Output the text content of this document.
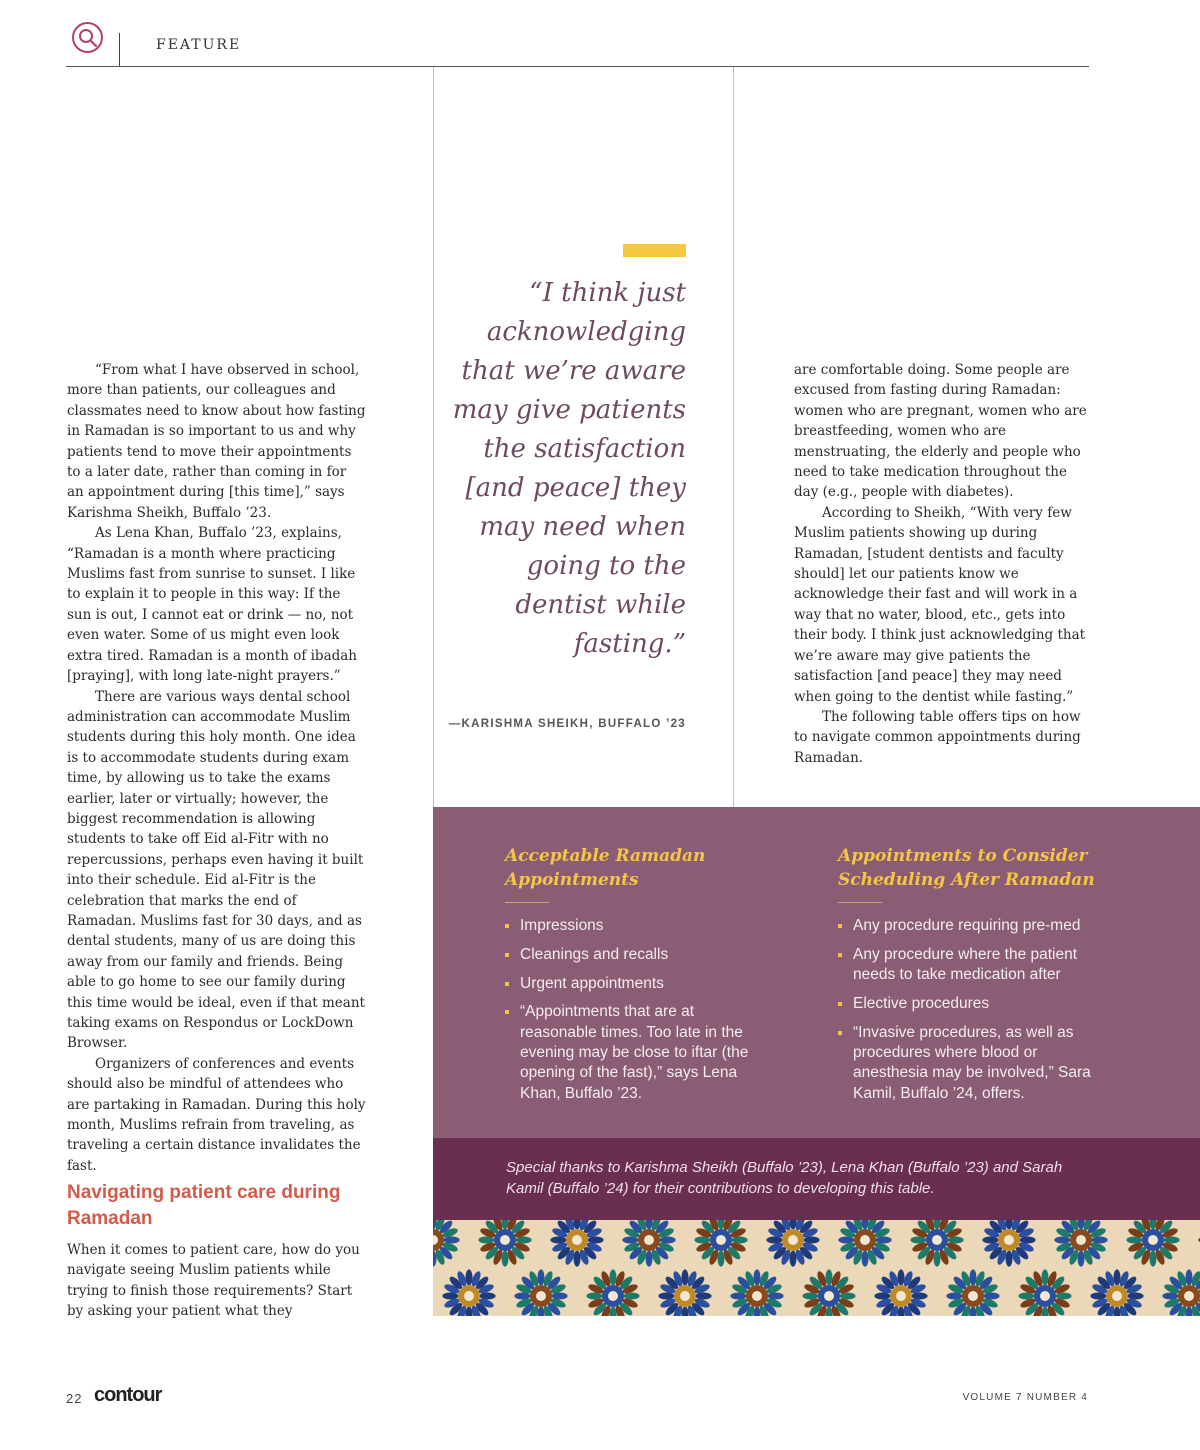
FEATURE

“From what I have observed in school, more than patients, our colleagues and classmates need to know about how fasting in Ramadan is so important to us and why patients tend to move their appointments to a later date, rather than coming in for an appointment during [this time],” says Karishma Sheikh, Buffalo ’23.

As Lena Khan, Buffalo ’23, explains, “Ramadan is a month where practicing Muslims fast from sunrise to sunset. I like to explain it to people in this way: If the sun is out, I cannot eat or drink — no, not even water. Some of us might even look extra tired. Ramadan is a month of ibadah [praying], with long late-night prayers.”

There are various ways dental school administration can accommodate Muslim students during this holy month. One idea is to accommodate students during exam time, by allowing us to take the exams earlier, later or virtually; however, the biggest recommendation is allowing students to take off Eid al-Fitr with no repercussions, perhaps even having it built into their schedule. Eid al-Fitr is the celebration that marks the end of Ramadan. Muslims fast for 30 days, and as dental students, many of us are doing this away from our family and friends. Being able to go home to see our family during this time would be ideal, even if that meant taking exams on Respondus or LockDown Browser.

Organizers of conferences and events should also be mindful of attendees who are partaking in Ramadan. During this holy month, Muslims refrain from traveling, as traveling a certain distance invalidates the fast.

Navigating patient care during Ramadan

When it comes to patient care, how do you navigate seeing Muslim patients while trying to finish those requirements? Start by asking your patient what they

“I think just acknowledging that we’re aware may give patients the satisfaction [and peace] they may need when going to the dentist while fasting.”
—KARISHMA SHEIKH, BUFFALO ’23

are comfortable doing. Some people are excused from fasting during Ramadan: women who are pregnant, women who are breastfeeding, women who are menstruating, the elderly and people who need to take medication throughout the day (e.g., people with diabetes).

According to Sheikh, “With very few Muslim patients showing up during Ramadan, [student dentists and faculty should] let our patients know we acknowledge their fast and will work in a way that no water, blood, etc., gets into their body. I think just acknowledging that we’re aware may give patients the satisfaction [and peace] they may need when going to the dentist while fasting.”

The following table offers tips on how to navigate common appointments during Ramadan.

Acceptable Ramadan Appointments
Impressions
Cleanings and recalls
Urgent appointments
“Appointments that are at reasonable times. Too late in the evening may be close to iftar (the opening of the fast),” says Lena Khan, Buffalo ’23.
Appointments to Consider Scheduling After Ramadan
Any procedure requiring pre-med
Any procedure where the patient needs to take medication after
Elective procedures
“Invasive procedures, as well as procedures where blood or anesthesia may be involved,” Sara Kamil, Buffalo ’24, offers.
Special thanks to Karishma Sheikh (Buffalo ’23), Lena Khan (Buffalo ’23) and Sarah Kamil (Buffalo ’24) for their contributions to developing this table.
22 contour	VOLUME 7 NUMBER 4
